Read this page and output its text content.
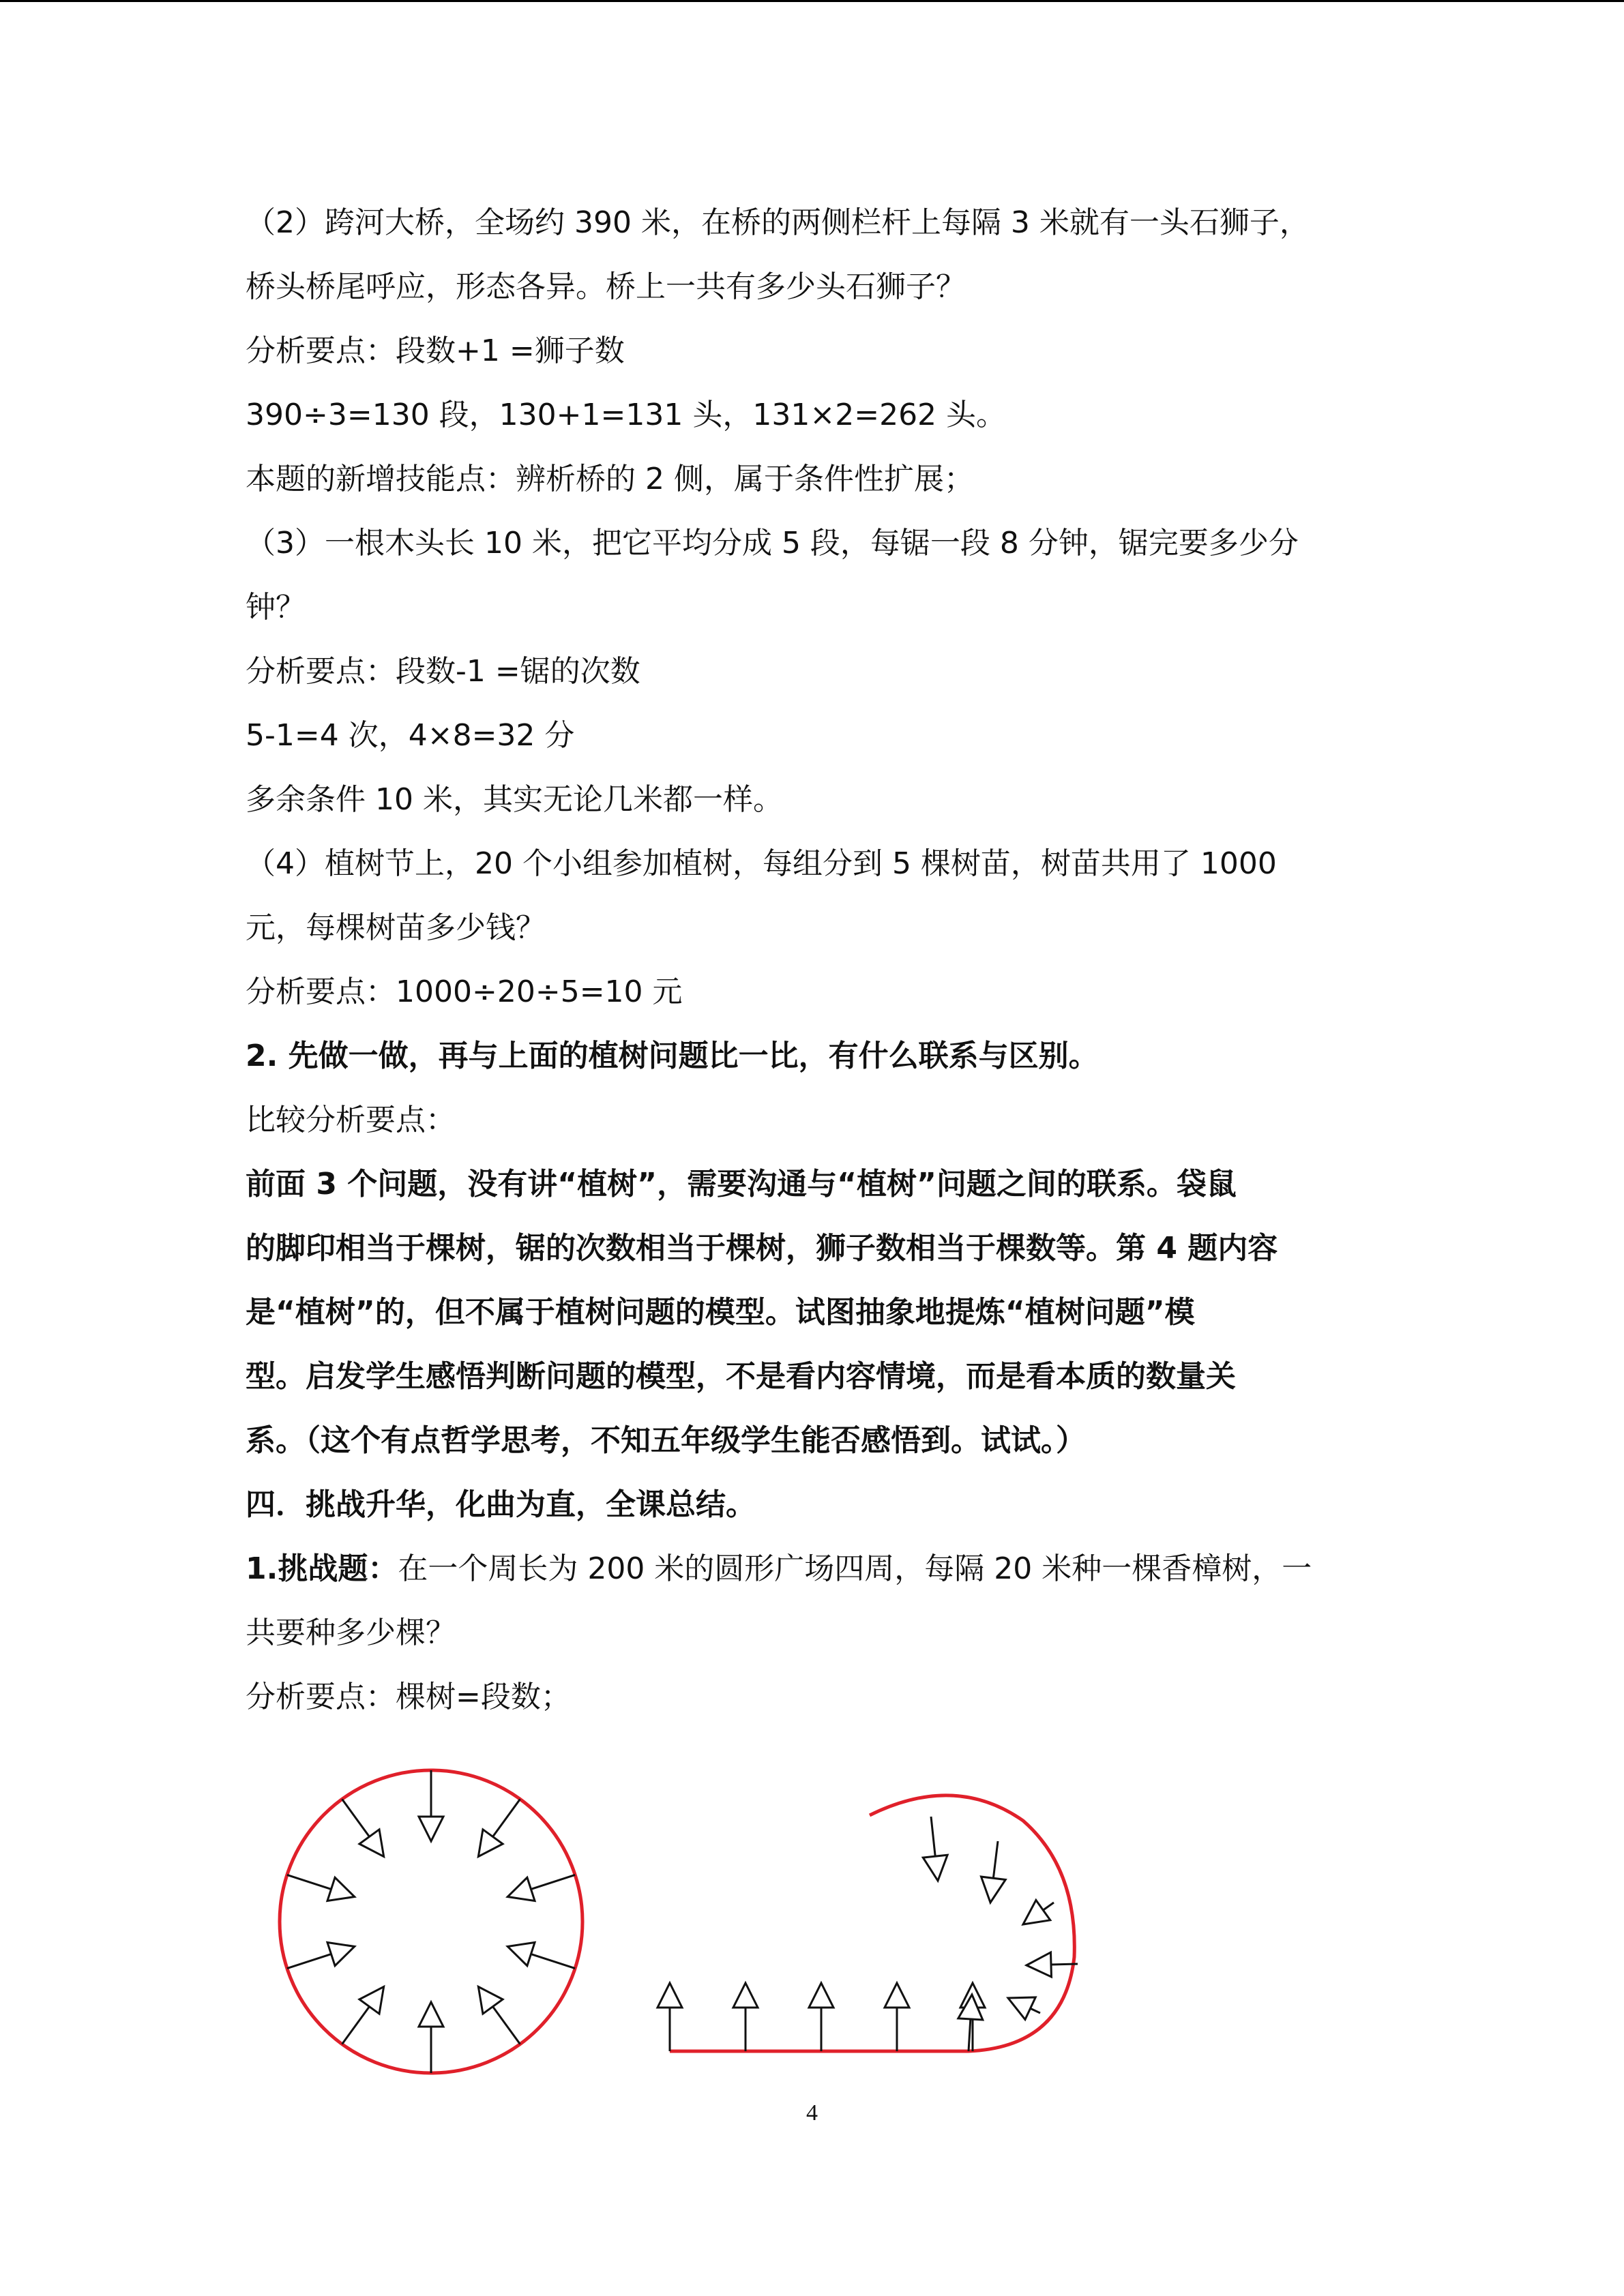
（2）跨河大桥，全场约 390 米，在桥的两侧栏杆上每隔 3 米就有一头石狮子，

桥头桥尾呼应，形态各异。桥上一共有多少头石狮子？

分析要点：段数+1 =狮子数

390÷3=130 段，130+1=131 头，131×2=262 头。

本题的新增技能点：辨析桥的 2 侧，属于条件性扩展；

（3）一根木头长 10 米，把它平均分成 5 段，每锯一段 8 分钟，锯完要多少分

钟？

分析要点：段数-1 =锯的次数

5-1=4 次，4×8=32 分

多余条件 10 米，其实无论几米都一样。

（4）植树节上，20 个小组参加植树，每组分到 5 棵树苗，树苗共用了 1000

元，每棵树苗多少钱？

分析要点：1000÷20÷5=10 元

2. 先做一做，再与上面的植树问题比一比，有什么联系与区别。

比较分析要点：

前面 3 个问题，没有讲“植树”，需要沟通与“植树”问题之间的联系。袋鼠

的脚印相当于棵树，锯的次数相当于棵树，狮子数相当于棵数等。第 4 题内容

是“植树”的，但不属于植树问题的模型。试图抽象地提炼“植树问题”模

型。启发学生感悟判断问题的模型，不是看内容情境，而是看本质的数量关

系。（这个有点哲学思考，不知五年级学生能否感悟到。试试。）

四．挑战升华，化曲为直，全课总结。

1.挑战题：在一个周长为 200 米的圆形广场四周，每隔 20 米种一棵香樟树，一

共要种多少棵？

分析要点：棵树=段数；

4
